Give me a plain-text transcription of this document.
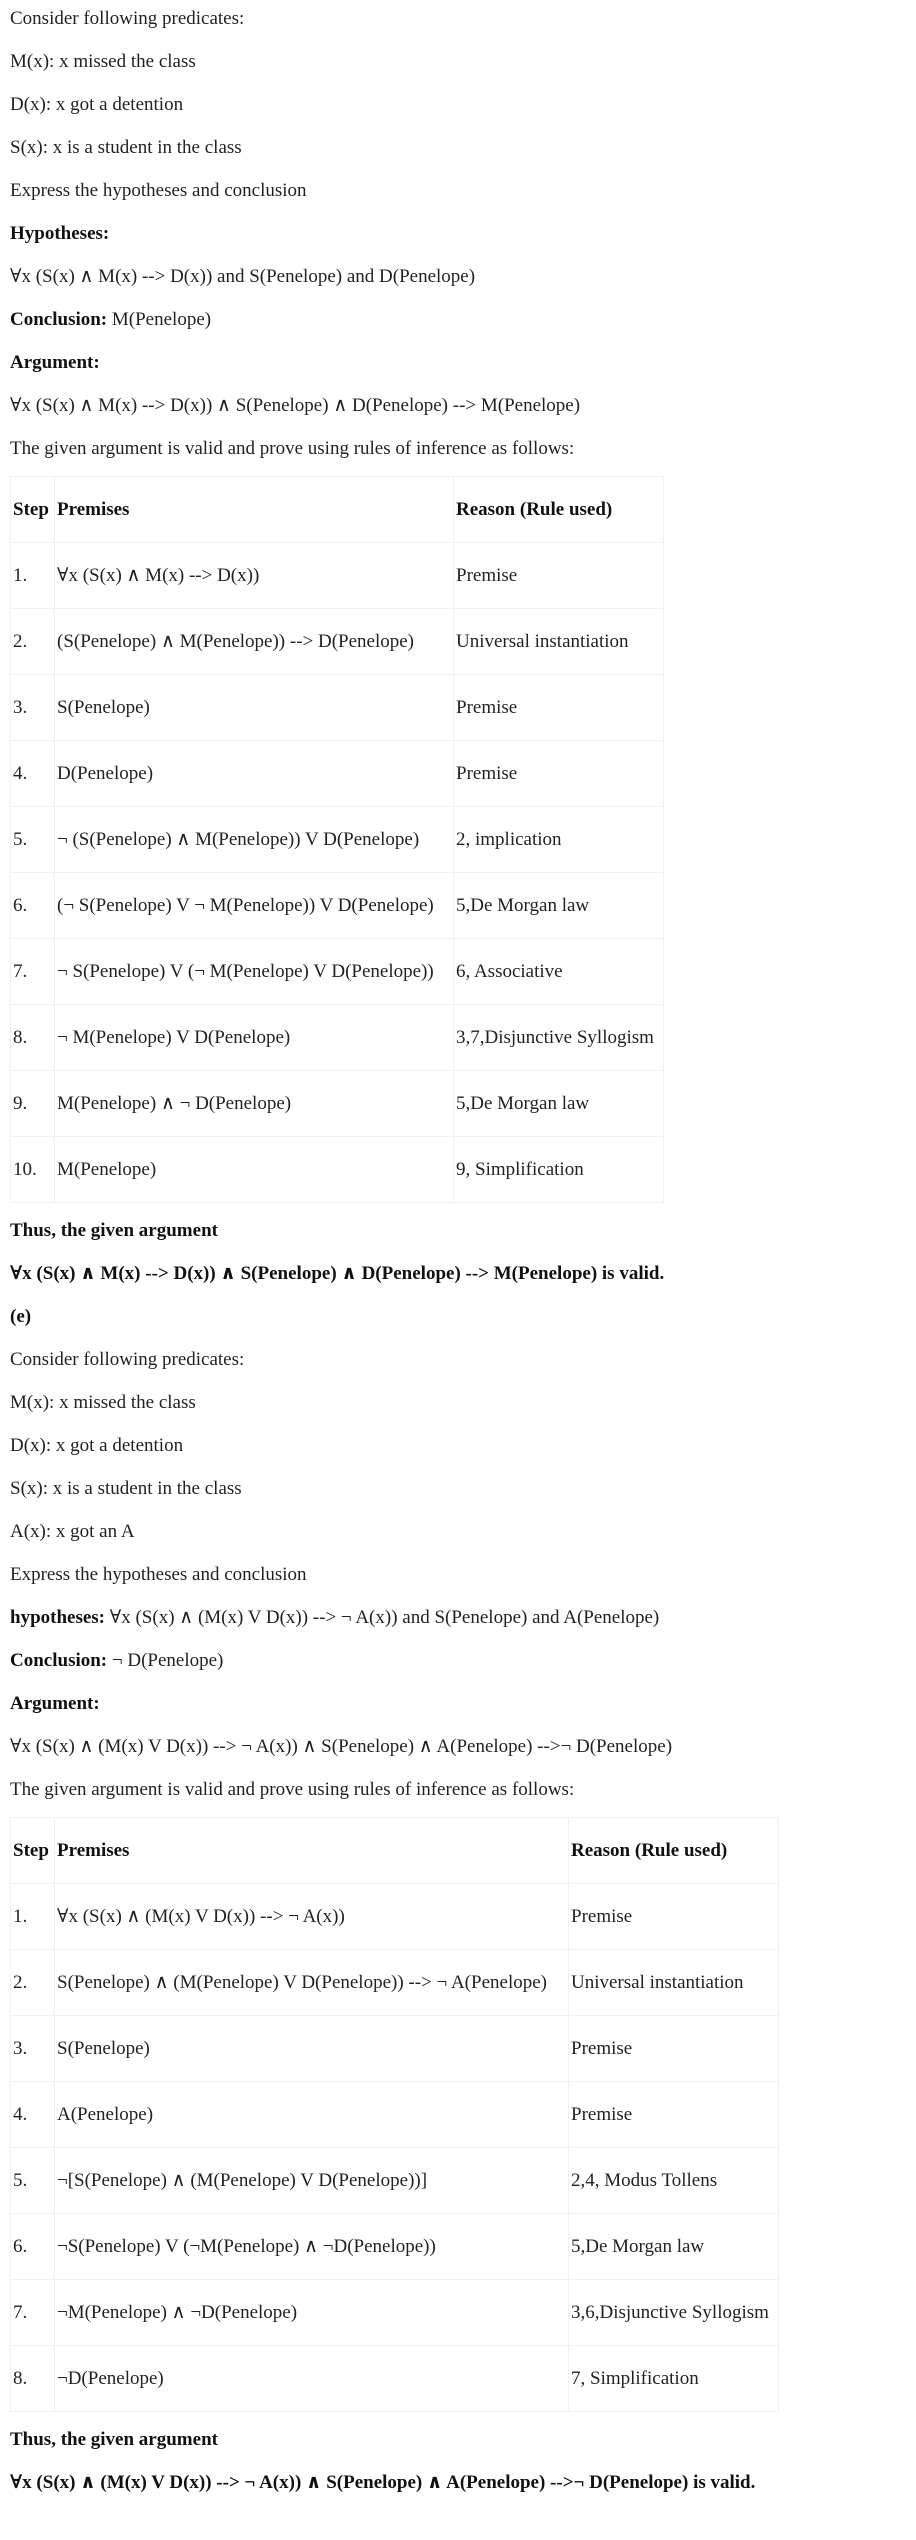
Consider following predicates:
M(x): x missed the class
D(x): x got a detention
S(x): x is a student in the class
Express the hypotheses and conclusion
Hypotheses:
∀x (S(x) ∧ M(x) --> D(x)) and S(Penelope) and D(Penelope)
Conclusion: M(Penelope)
Argument:
∀x (S(x) ∧ M(x) --> D(x)) ∧ S(Penelope) ∧ D(Penelope) --> M(Penelope)
The given argument is valid and prove using rules of inference as follows:
Step	Premises	Reason (Rule used)
1.	∀x (S(x) ∧ M(x) --> D(x))	Premise
2.	(S(Penelope) ∧ M(Penelope)) --> D(Penelope)	Universal instantiation
3.	S(Penelope)	Premise
4.	D(Penelope)	Premise
5.	¬ (S(Penelope) ∧ M(Penelope)) V D(Penelope)	2, implication
6.	(¬ S(Penelope) V ¬ M(Penelope)) V D(Penelope)	5,De Morgan law
7.	¬ S(Penelope) V (¬ M(Penelope) V D(Penelope))	6, Associative
8.	¬ M(Penelope) V D(Penelope)	3,7,Disjunctive Syllogism
9.	M(Penelope) ∧ ¬ D(Penelope)	5,De Morgan law
10.	M(Penelope)	9, Simplification
Thus, the given argument
∀x (S(x) ∧ M(x) --> D(x)) ∧ S(Penelope) ∧ D(Penelope) --> M(Penelope) is valid.
(e)
Consider following predicates:
M(x): x missed the class
D(x): x got a detention
S(x): x is a student in the class
A(x): x got an A
Express the hypotheses and conclusion
hypotheses: ∀x (S(x) ∧ (M(x) V D(x)) --> ¬ A(x)) and S(Penelope) and A(Penelope)
Conclusion: ¬ D(Penelope)
Argument:
∀x (S(x) ∧ (M(x) V D(x)) --> ¬ A(x)) ∧ S(Penelope) ∧ A(Penelope) -->¬ D(Penelope)
The given argument is valid and prove using rules of inference as follows:
Step	Premises	Reason (Rule used)
1.	∀x (S(x) ∧ (M(x) V D(x)) --> ¬ A(x))	Premise
2.	S(Penelope) ∧ (M(Penelope) V D(Penelope)) --> ¬ A(Penelope)	Universal instantiation
3.	S(Penelope)	Premise
4.	A(Penelope)	Premise
5.	¬[S(Penelope) ∧ (M(Penelope) V D(Penelope))]	2,4, Modus Tollens
6.	¬S(Penelope) V (¬M(Penelope) ∧ ¬D(Penelope))	5,De Morgan law
7.	¬M(Penelope) ∧ ¬D(Penelope)	3,6,Disjunctive Syllogism
8.	¬D(Penelope)	7, Simplification
Thus, the given argument
∀x (S(x) ∧ (M(x) V D(x)) --> ¬ A(x)) ∧ S(Penelope) ∧ A(Penelope) -->¬ D(Penelope) is valid.
